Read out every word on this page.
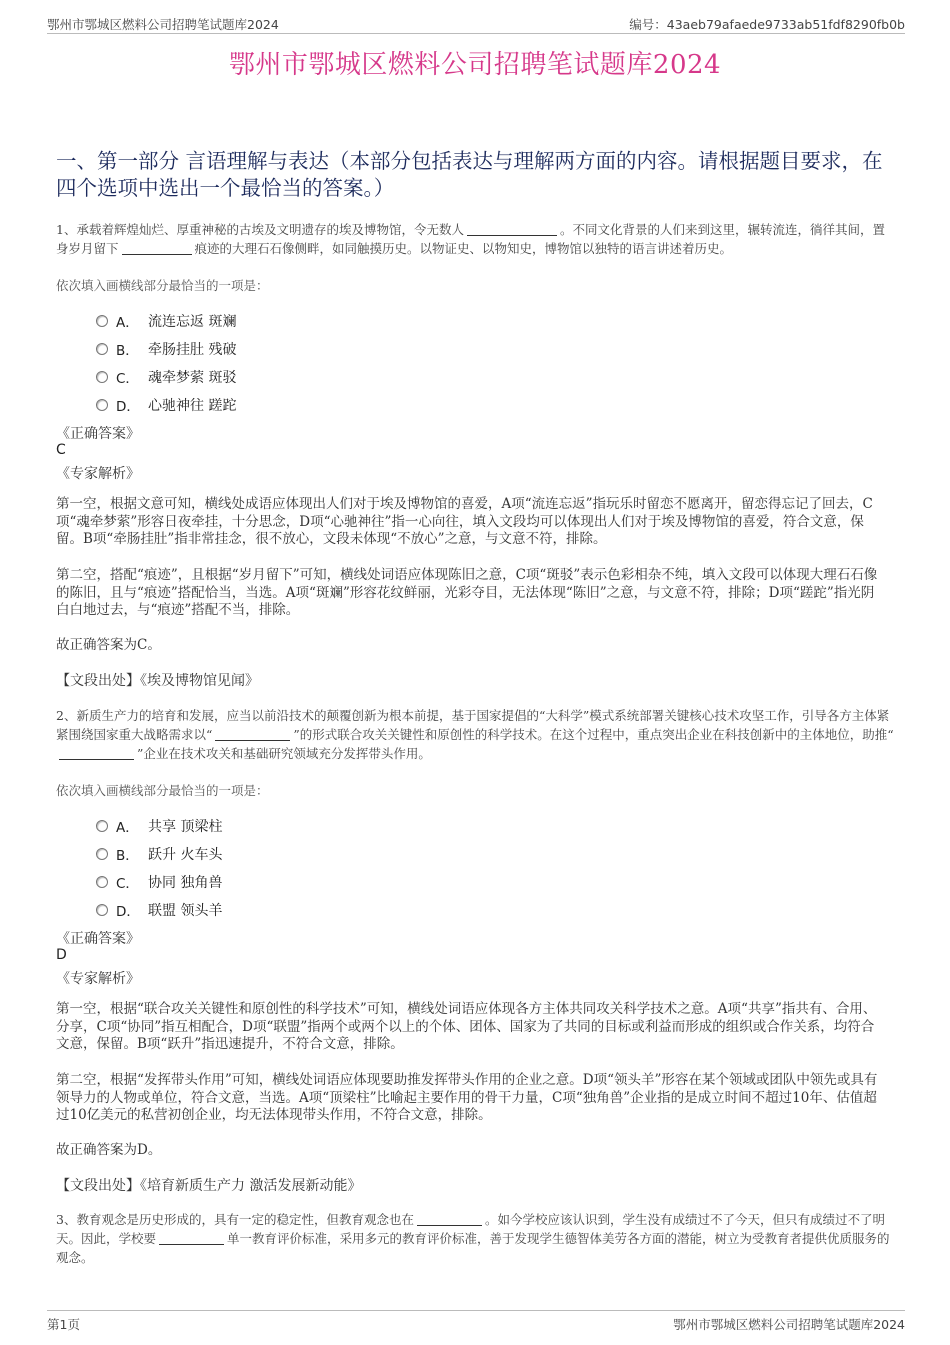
鄂州市鄂城区燃料公司招聘笔试题库2024	编号：43aeb79afaede9733ab51fdf8290fb0b
鄂州市鄂城区燃料公司招聘笔试题库2024
一、第一部分 言语理解与表达（本部分包括表达与理解两方面的内容。请根据题目要求，在四个选项中选出一个最恰当的答案。）
1、承载着辉煌灿烂、厚重神秘的古埃及文明遗存的埃及博物馆，令无数人	。不同文化背景的人们来到这里，辗转流连，徜徉其间，置身岁月留下	痕迹的大理石石像侧畔，如同触摸历史。以物证史、以物知史，博物馆以独特的语言讲述着历史。
依次填入画横线部分最恰当的一项是：
A． 流连忘返 斑斓
B． 牵肠挂肚 残破
C． 魂牵梦萦 斑驳
D． 心驰神往 蹉跎
《正确答案》
C
《专家解析》
第一空，根据文意可知，横线处成语应体现出人们对于埃及博物馆的喜爱，A项“流连忘返”指玩乐时留恋不愿离开，留恋得忘记了回去，C项“魂牵梦萦”形容日夜牵挂，十分思念，D项“心驰神往”指一心向往，填入文段均可以体现出人们对于埃及博物馆的喜爱，符合文意，保留。B项“牵肠挂肚”指非常挂念，很不放心，文段未体现“不放心”之意，与文意不符，排除。
第二空，搭配“痕迹”，且根据“岁月留下”可知，横线处词语应体现陈旧之意，C项“斑驳”表示色彩相杂不纯，填入文段可以体现大理石石像的陈旧，且与“痕迹”搭配恰当，当选。A项“斑斓”形容花纹鲜丽，光彩夺目，无法体现“陈旧”之意，与文意不符，排除；D项“蹉跎”指光阴白白地过去，与“痕迹”搭配不当，排除。
故正确答案为C。
【文段出处】《埃及博物馆见闻》
2、新质生产力的培育和发展，应当以前沿技术的颠覆创新为根本前提，基于国家提倡的“大科学”模式系统部署关键核心技术攻坚工作，引导各方主体紧紧围绕国家重大战略需求以“	”的形式联合攻关关键性和原创性的科学技术。在这个过程中，重点突出企业在科技创新中的主体地位，助推“”企业在技术攻关和基础研究领域充分发挥带头作用。
依次填入画横线部分最恰当的一项是：
A． 共享 顶梁柱
B． 跃升 火车头
C． 协同 独角兽
D． 联盟 领头羊
《正确答案》
D
《专家解析》
第一空，根据“联合攻关关键性和原创性的科学技术”可知，横线处词语应体现各方主体共同攻关科学技术之意。A项“共享”指共有、合用、分享，C项“协同”指互相配合，D项“联盟”指两个或两个以上的个体、团体、国家为了共同的目标或利益而形成的组织或合作关系，均符合文意，保留。B项“跃升”指迅速提升，不符合文意，排除。
第二空，根据“发挥带头作用”可知，横线处词语应体现要助推发挥带头作用的企业之意。D项“领头羊”形容在某个领域或团队中领先或具有领导力的人物或单位，符合文意，当选。A项“顶梁柱”比喻起主要作用的骨干力量，C项“独角兽”企业指的是成立时间不超过10年、估值超过10亿美元的私营初创企业，均无法体现带头作用，不符合文意，排除。
故正确答案为D。
【文段出处】《培育新质生产力 激活发展新动能》
3、教育观念是历史形成的，具有一定的稳定性，但教育观念也在	。如今学校应该认识到，学生没有成绩过不了今天，但只有成绩过不了明天。因此，学校要	单一教育评价标准，采用多元的教育评价标准，善于发现学生德智体美劳各方面的潜能，树立为受教育者提供优质服务的观念。
第1页	鄂州市鄂城区燃料公司招聘笔试题库2024
